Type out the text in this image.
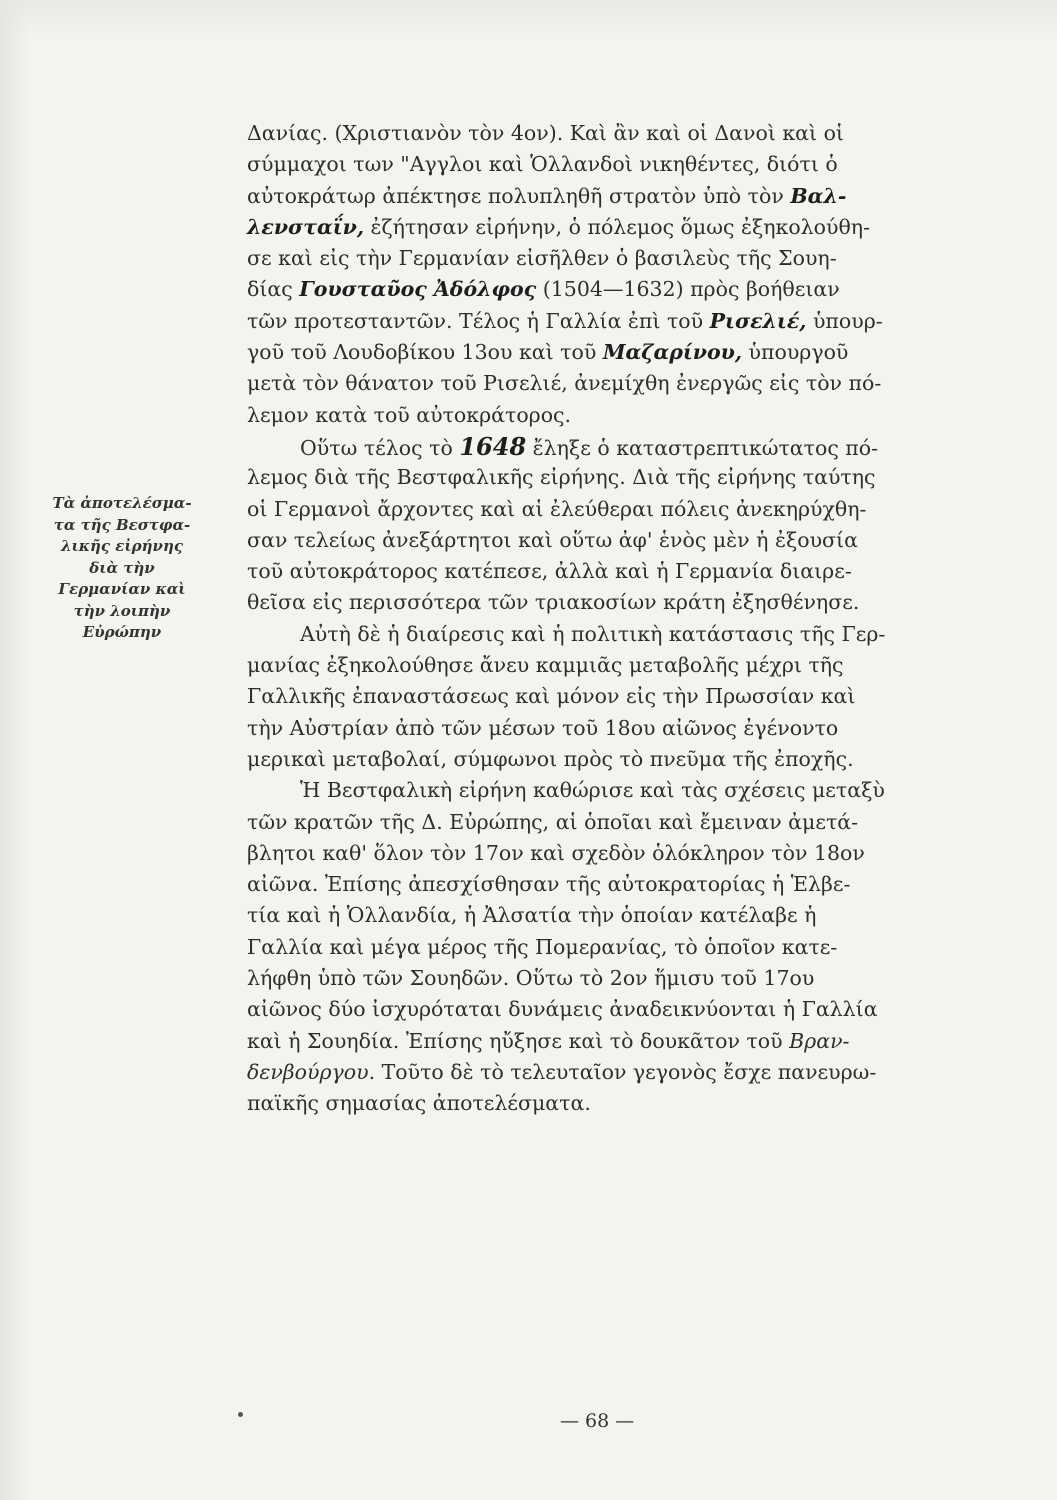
Τὰ ἀποτελέσμα-
τα τῆς Βεστφα-
λικῆς εἰρήνης
διὰ τὴν
Γερμανίαν καὶ
τὴν λοιπὴν
Εὐρώπην
Δανίας. (Χριστιανὸν τὸν 4ον). Καὶ ἂν καὶ οἱ Δανοὶ καὶ οἱ
σύμμαχοι των "Αγγλοι καὶ Ὁλλανδοὶ νικηθέντες, διότι ὁ
αὐτοκράτωρ ἀπέκτησε πολυπληθῆ στρατὸν ὑπὸ τὸν Βαλ-
λενσταΐν, ἐζήτησαν εἰρήνην, ὁ πόλεμος ὅμως ἐξηκολούθη-
σε καὶ εἰς τὴν Γερμανίαν εἰσῆλθεν ὁ βασιλεὺς τῆς Σουη-
δίας Γουσταῦος Ἀδόλφος (1504—1632) πρὸς βοήθειαν
τῶν προτεσταντῶν. Τέλος ἡ Γαλλία ἐπὶ τοῦ Ρισελιέ, ὑπουρ-
γοῦ τοῦ Λουδοβίκου 13ου καὶ τοῦ Μαζαρίνου, ὑπουργοῦ
μετὰ τὸν θάνατον τοῦ Ρισελιέ, ἀνεμίχθη ἐνεργῶς εἰς τὸν πό-
λεμον κατὰ τοῦ αὐτοκράτορος.
Οὕτω τέλος τὸ 1648 ἔληξε ὁ καταστρεπτικώτατος πό-
λεμος διὰ τῆς Βεστφαλικῆς εἰρήνης. Διὰ τῆς εἰρήνης ταύτης
οἱ Γερμανοὶ ἄρχοντες καὶ αἱ ἐλεύθεραι πόλεις ἀνεκηρύχθη-
σαν τελείως ἀνεξάρτητοι καὶ οὕτω ἀφ' ἑνὸς μὲν ἡ ἐξουσία
τοῦ αὐτοκράτορος κατέπεσε, ἀλλὰ καὶ ἡ Γερμανία διαιρε-
θεῖσα εἰς περισσότερα τῶν τριακοσίων κράτη ἐξησθένησε.
Αὐτὴ δὲ ἡ διαίρεσις καὶ ἡ πολιτικὴ κατάστασις τῆς Γερ-
μανίας ἐξηκολούθησε ἄνευ καμμιᾶς μεταβολῆς μέχρι τῆς
Γαλλικῆς ἐπαναστάσεως καὶ μόνον εἰς τὴν Πρωσσίαν καὶ
τὴν Αὐστρίαν ἀπὸ τῶν μέσων τοῦ 18ου αἰῶνος ἐγένοντο
μερικαὶ μεταβολαί, σύμφωνοι πρὸς τὸ πνεῦμα τῆς ἐποχῆς.
Ἡ Βεστφαλικὴ εἰρήνη καθώρισε καὶ τὰς σχέσεις μεταξὺ
τῶν κρατῶν τῆς Δ. Εὐρώπης, αἱ ὁποῖαι καὶ ἔμειναν ἀμετά-
βλητοι καθ' ὅλον τὸν 17ον καὶ σχεδὸν ὁλόκληρον τὸν 18ον
αἰῶνα. Ἐπίσης ἀπεσχίσθησαν τῆς αὐτοκρατορίας ἡ Ἑλβε-
τία καὶ ἡ Ὁλλανδία, ἡ Ἀλσατία τὴν ὁποίαν κατέλαβε ἡ
Γαλλία καὶ μέγα μέρος τῆς Πομερανίας, τὸ ὁποῖον κατε-
λήφθη ὑπὸ τῶν Σουηδῶν. Οὕτω τὸ 2ον ἥμισυ τοῦ 17ου
αἰῶνος δύο ἰσχυρόταται δυνάμεις ἀναδεικνύονται ἡ Γαλλία
καὶ ἡ Σουηδία. Ἐπίσης ηὔξησε καὶ τὸ δουκᾶτον τοῦ Βραν-
δενβούργου. Τοῦτο δὲ τὸ τελευταῖον γεγονὸς ἔσχε πανευρω-
παϊκῆς σημασίας ἀποτελέσματα.
— 68 —
